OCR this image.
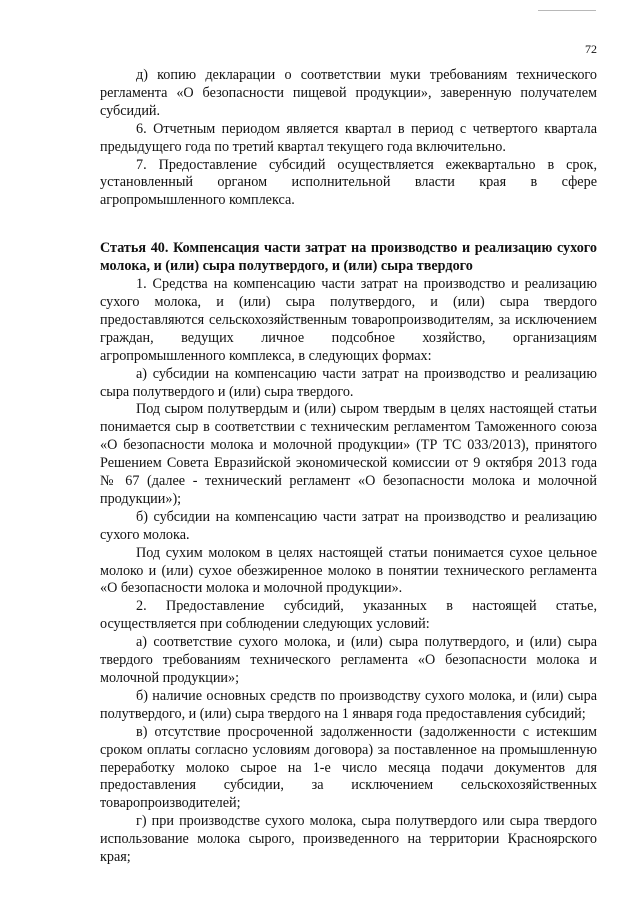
72

д) копию декларации о соответствии муки требованиям технического регламента «О безопасности пищевой продукции», заверенную получателем субсидий.

6. Отчетным периодом является квартал в период с четвертого квартала предыдущего года по третий квартал текущего года включительно.

7. Предоставление субсидий осуществляется ежеквартально в срок, установленный органом исполнительной власти края в сфере агропромышленного комплекса.

Статья 40. Компенсация части затрат на производство и реализацию сухого молока, и (или) сыра полутвердого, и (или) сыра твердого

1. Средства на компенсацию части затрат на производство и реализацию сухого молока, и (или) сыра полутвердого, и (или) сыра твердого предоставляются сельскохозяйственным товаропроизводителям, за исключением граждан, ведущих личное подсобное хозяйство, организациям агропромышленного комплекса, в следующих формах:

а) субсидии на компенсацию части затрат на производство и реализацию сыра полутвердого и (или) сыра твердого.

Под сыром полутвердым и (или) сыром твердым в целях настоящей статьи понимается сыр в соответствии с техническим регламентом Таможенного союза «О безопасности молока и молочной продукции» (ТР ТС 033/2013), принятого Решением Совета Евразийской экономической комиссии от 9 октября 2013 года № 67 (далее - технический регламент «О безопасности молока и молочной продукции»);

б) субсидии на компенсацию части затрат на производство и реализацию сухого молока.

Под сухим молоком в целях настоящей статьи понимается сухое цельное молоко и (или) сухое обезжиренное молоко в понятии технического регламента «О безопасности молока и молочной продукции».

2. Предоставление субсидий, указанных в настоящей статье, осуществляется при соблюдении следующих условий:

а) соответствие сухого молока, и (или) сыра полутвердого, и (или) сыра твердого требованиям технического регламента «О безопасности молока и молочной продукции»;

б) наличие основных средств по производству сухого молока, и (или) сыра полутвердого, и (или) сыра твердого на 1 января года предоставления субсидий;

в) отсутствие просроченной задолженности (задолженности с истекшим сроком оплаты согласно условиям договора) за поставленное на промышленную переработку молоко сырое на 1-е число месяца подачи документов для предоставления субсидии, за исключением сельскохозяйственных товаропроизводителей;

г) при производстве сухого молока, сыра полутвердого или сыра твердого использование молока сырого, произведенного на территории Красноярского края;
